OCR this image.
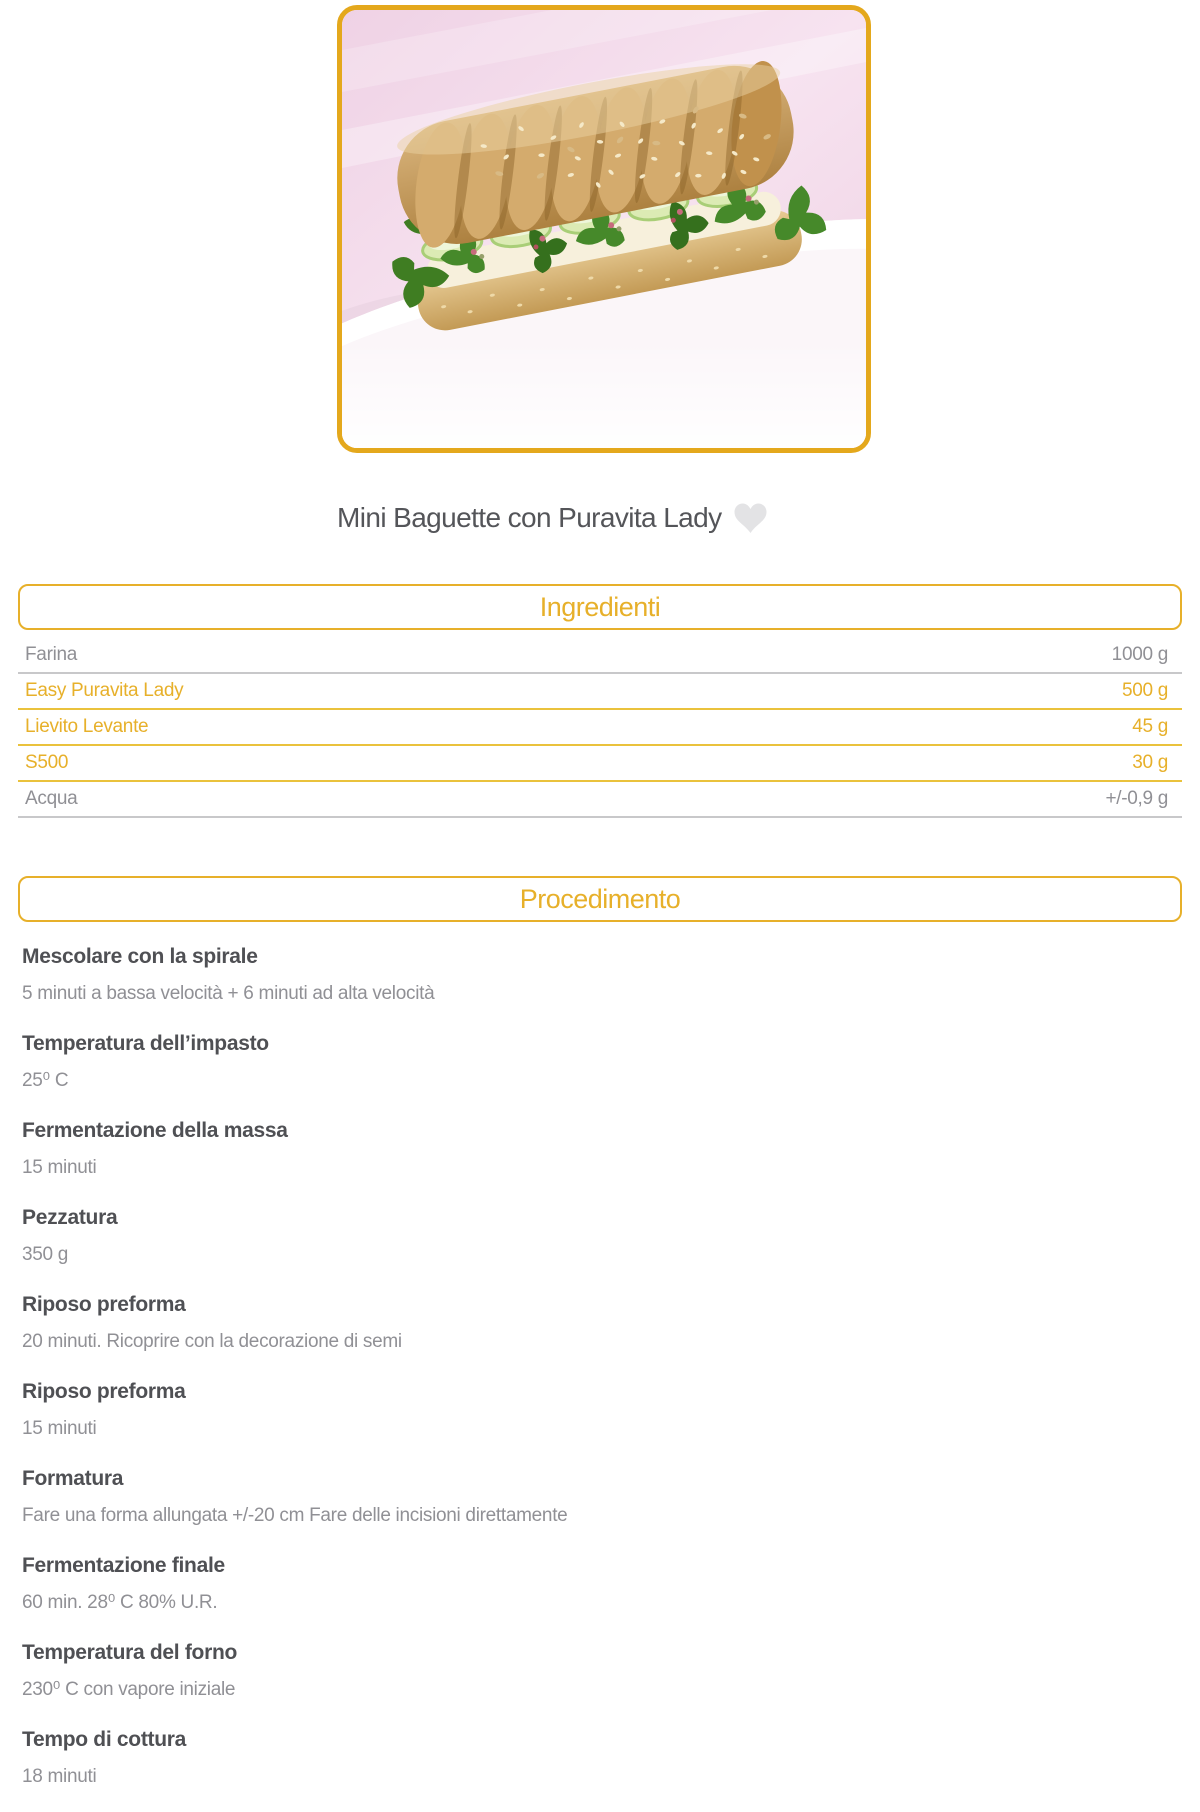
Mini Baguette con Puravita Lady
Ingredienti
Farina	1000 g
Easy Puravita Lady	500 g
Lievito Levante	45 g
S500	30 g
Acqua	+/-0,9 g
Procedimento
Mescolare con la spirale
5 minuti a bassa velocità + 6 minuti ad alta velocità
Temperatura dell’impasto
25⁰ C
Fermentazione della massa
15 minuti
Pezzatura
350 g
Riposo preforma
20 minuti. Ricoprire con la decorazione di semi
Riposo preforma
15 minuti
Formatura
Fare una forma allungata +/-20 cm Fare delle incisioni direttamente
Fermentazione finale
60 min. 28⁰ C 80% U.R.
Temperatura del forno
230⁰ C con vapore iniziale
Tempo di cottura
18 minuti
